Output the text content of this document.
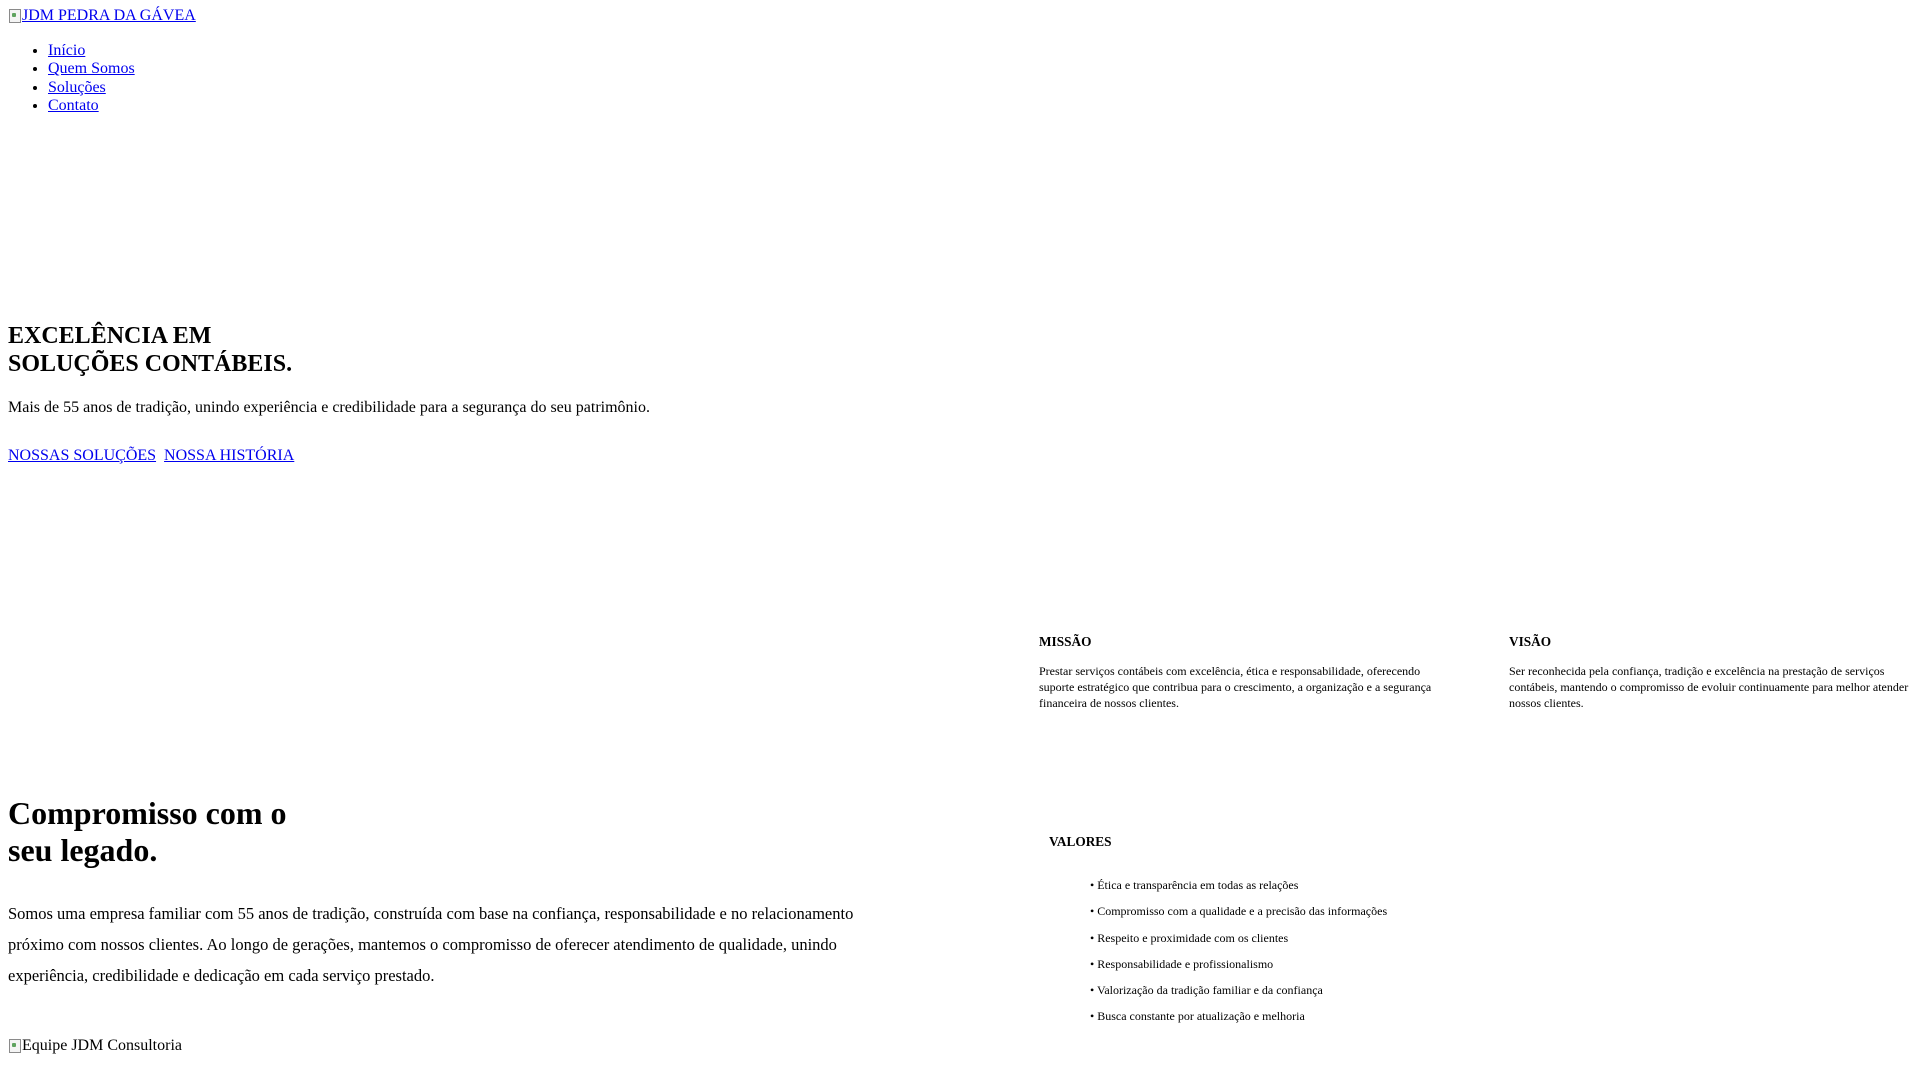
JDM PEDRA DA GÁVEA
• Início
• Quem Somos
• Soluções
• Contato
EXCELÊNCIA EM
SOLUÇÕES CONTÁBEIS.

Mais de 55 anos de tradição, unindo experiência e credibilidade para a segurança do seu patrimônio.

NOSSAS SOLUÇÕES NOSSA HISTÓRIA
MISSÃO

Prestar serviços contábeis com excelência, ética e responsabilidade, oferecendo suporte estratégico que contribua para o crescimento, a organização e a segurança financeira de nossos clientes.

VISÃO

Ser reconhecida pela confiança, tradição e excelência na prestação de serviços contábeis, mantendo o compromisso de evoluir continuamente para melhor atender nossos clientes.

Compromisso com o
seu legado.

Somos uma empresa familiar com 55 anos de tradição, construída com base na confiança, responsabilidade e no relacionamento próximo com nossos clientes. Ao longo de gerações, mantemos o compromisso de oferecer atendimento de qualidade, unindo experiência, credibilidade e dedicação em cada serviço prestado.

VALORES
• Ética e transparência em todas as relações
• Compromisso com a qualidade e a precisão das informações
• Respeito e proximidade com os clientes
• Responsabilidade e profissionalismo
• Valorização da tradição familiar e da confiança
• Busca constante por atualização e melhoria
Equipe JDM Consultoria
